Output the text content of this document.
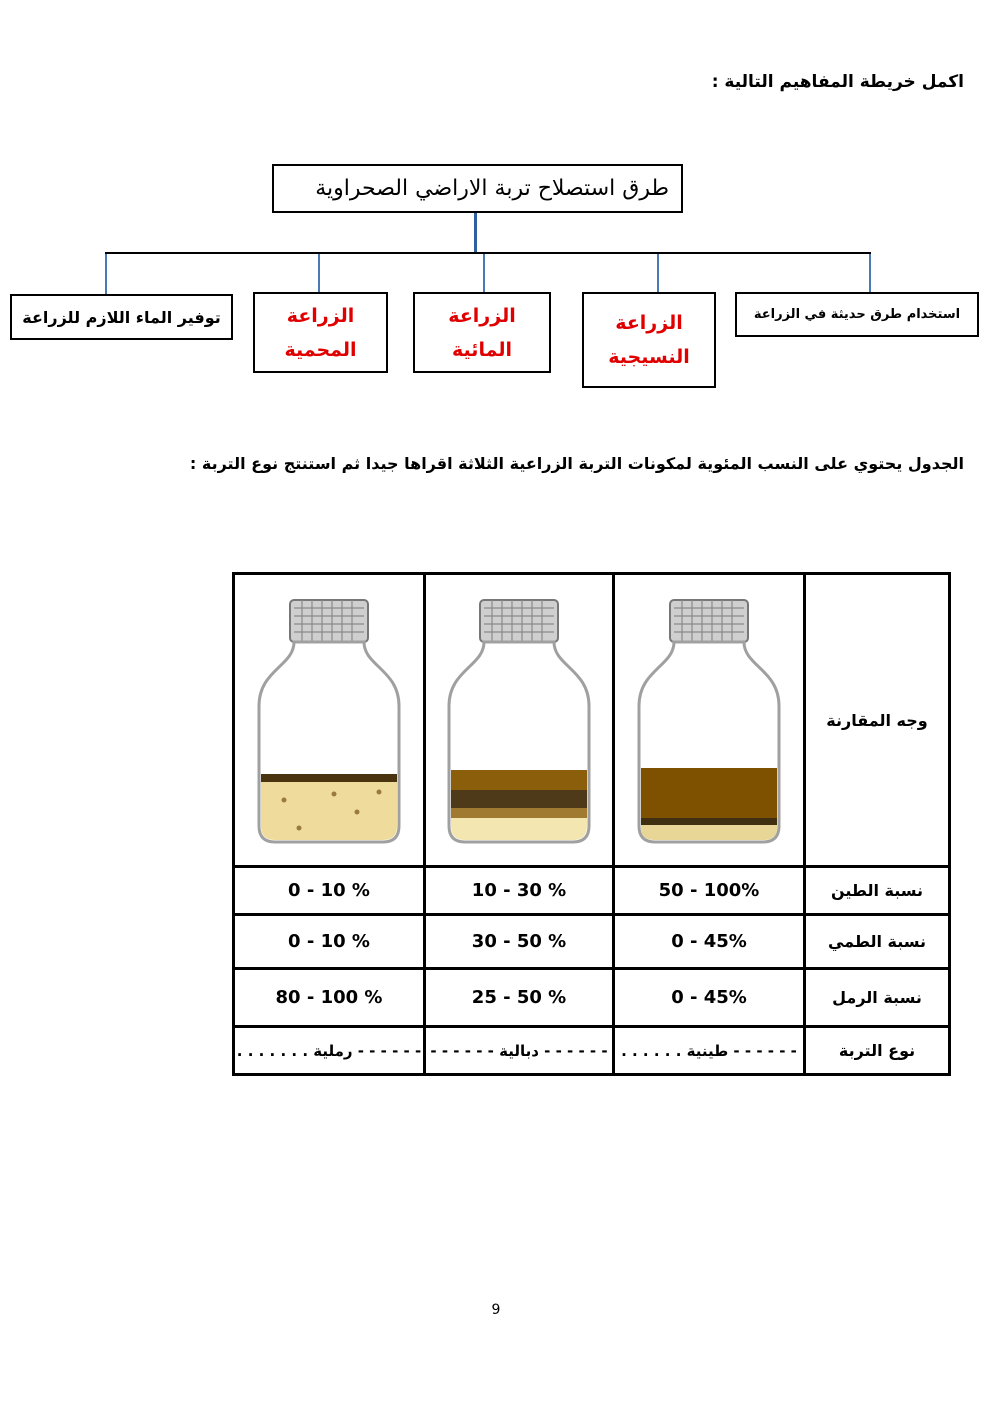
اكمل خريطة المفاهيم التالية :
طرق استصلاح تربة الاراضي الصحراوية
استخدام طرق حديثة في الزراعة
الزراعة
النسيجية
الزراعة
المائية
الزراعة
المحمية
توفير الماء اللازم للزراعة
الجدول يحتوي على النسب المئوية لمكونات التربة الزراعية الثلاثة اقراها جيدا ثم استنتج نوع التربة :
			وجه المقارنة
0 - 10 %	10 - 30 %	50 - 100%	نسبة الطين
0 - 10 %	30 - 50 %	0 - 45%	نسبة الطمي
80 - 100 %	25 - 50 %	0 - 45%	نسبة الرمل
- - - - - - رملية . . . . . . .	- - - - - - دبالية - - - - - -	- - - - - - طينية . . . . . .	نوع التربة
9
